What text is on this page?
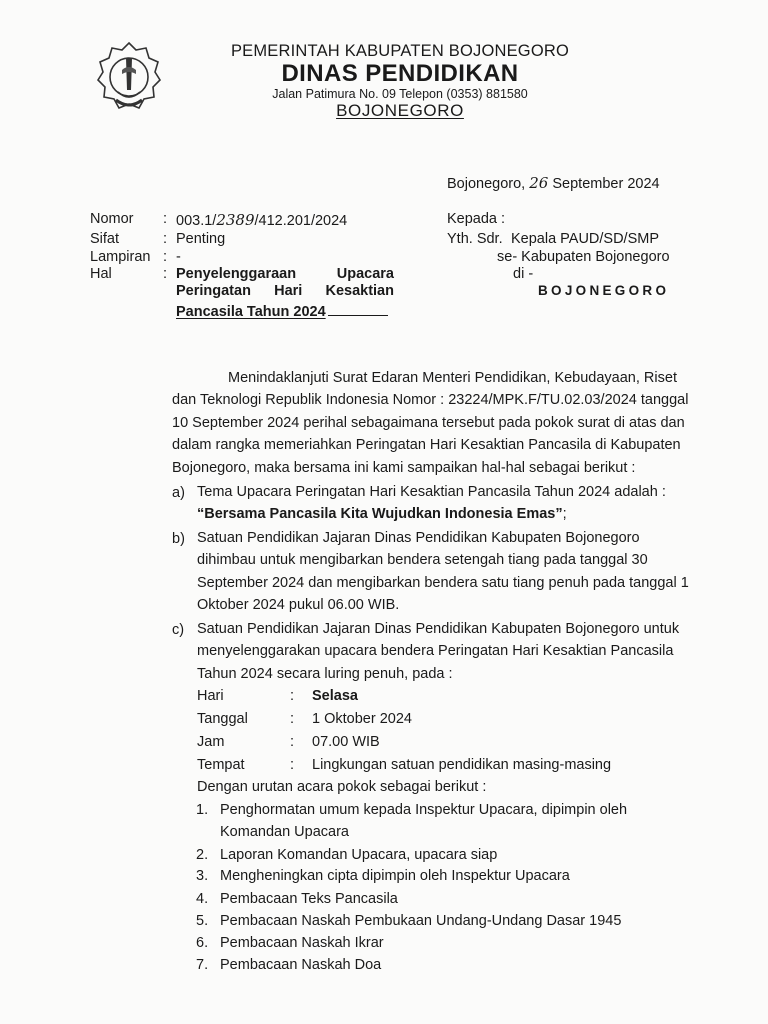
PEMERINTAH KABUPATEN BOJONEGORO
DINAS PENDIDIKAN
Jalan Patimura No. 09 Telepon (0353) 881580
BOJONEGORO
Bojonegoro, 26 September 2024
Nomor : 003.1/2389/412.201/2024
Sifat	: Penting
Lampiran : -
Hal	: Penyelenggaraan	Upacara
Peringatan Hari Kesaktian
Pancasila Tahun 2024
Kepada :
Yth. Sdr. Kepala PAUD/SD/SMP
se- Kabupaten Bojonegoro
di -
BOJONEGORO
Menindaklanjuti Surat Edaran Menteri Pendidikan, Kebudayaan, Riset
dan Teknologi Republik Indonesia Nomor : 23224/MPK.F/TU.02.03/2024 tanggal
10 September 2024 perihal sebagaimana tersebut pada pokok surat di atas dan
dalam rangka memeriahkan Peringatan Hari Kesaktian Pancasila di Kabupaten
Bojonegoro, maka bersama ini kami sampaikan hal-hal sebagai berikut :
a) Tema Upacara Peringatan Hari Kesaktian Pancasila Tahun 2024 adalah :
“Bersama Pancasila Kita Wujudkan Indonesia Emas”;
b) Satuan Pendidikan Jajaran Dinas Pendidikan Kabupaten Bojonegoro
dihimbau untuk mengibarkan bendera setengah tiang pada tanggal 30
September 2024 dan mengibarkan bendera satu tiang penuh pada tanggal 1
Oktober 2024 pukul 06.00 WIB.
c) Satuan Pendidikan Jajaran Dinas Pendidikan Kabupaten Bojonegoro untuk
menyelenggarakan upacara bendera Peringatan Hari Kesaktian Pancasila
Tahun 2024 secara luring penuh, pada :
Hari	: Selasa
Tanggal	: 1 Oktober 2024
Jam	: 07.00 WIB
Tempat	: Lingkungan satuan pendidikan masing-masing
Dengan urutan acara pokok sebagai berikut :
1. Penghormatan umum kepada Inspektur Upacara, dipimpin oleh
Komandan Upacara
2. Laporan Komandan Upacara, upacara siap
3. Mengheningkan cipta dipimpin oleh Inspektur Upacara
4. Pembacaan Teks Pancasila
5. Pembacaan Naskah Pembukaan Undang-Undang Dasar 1945
6. Pembacaan Naskah Ikrar
7. Pembacaan Naskah Doa
